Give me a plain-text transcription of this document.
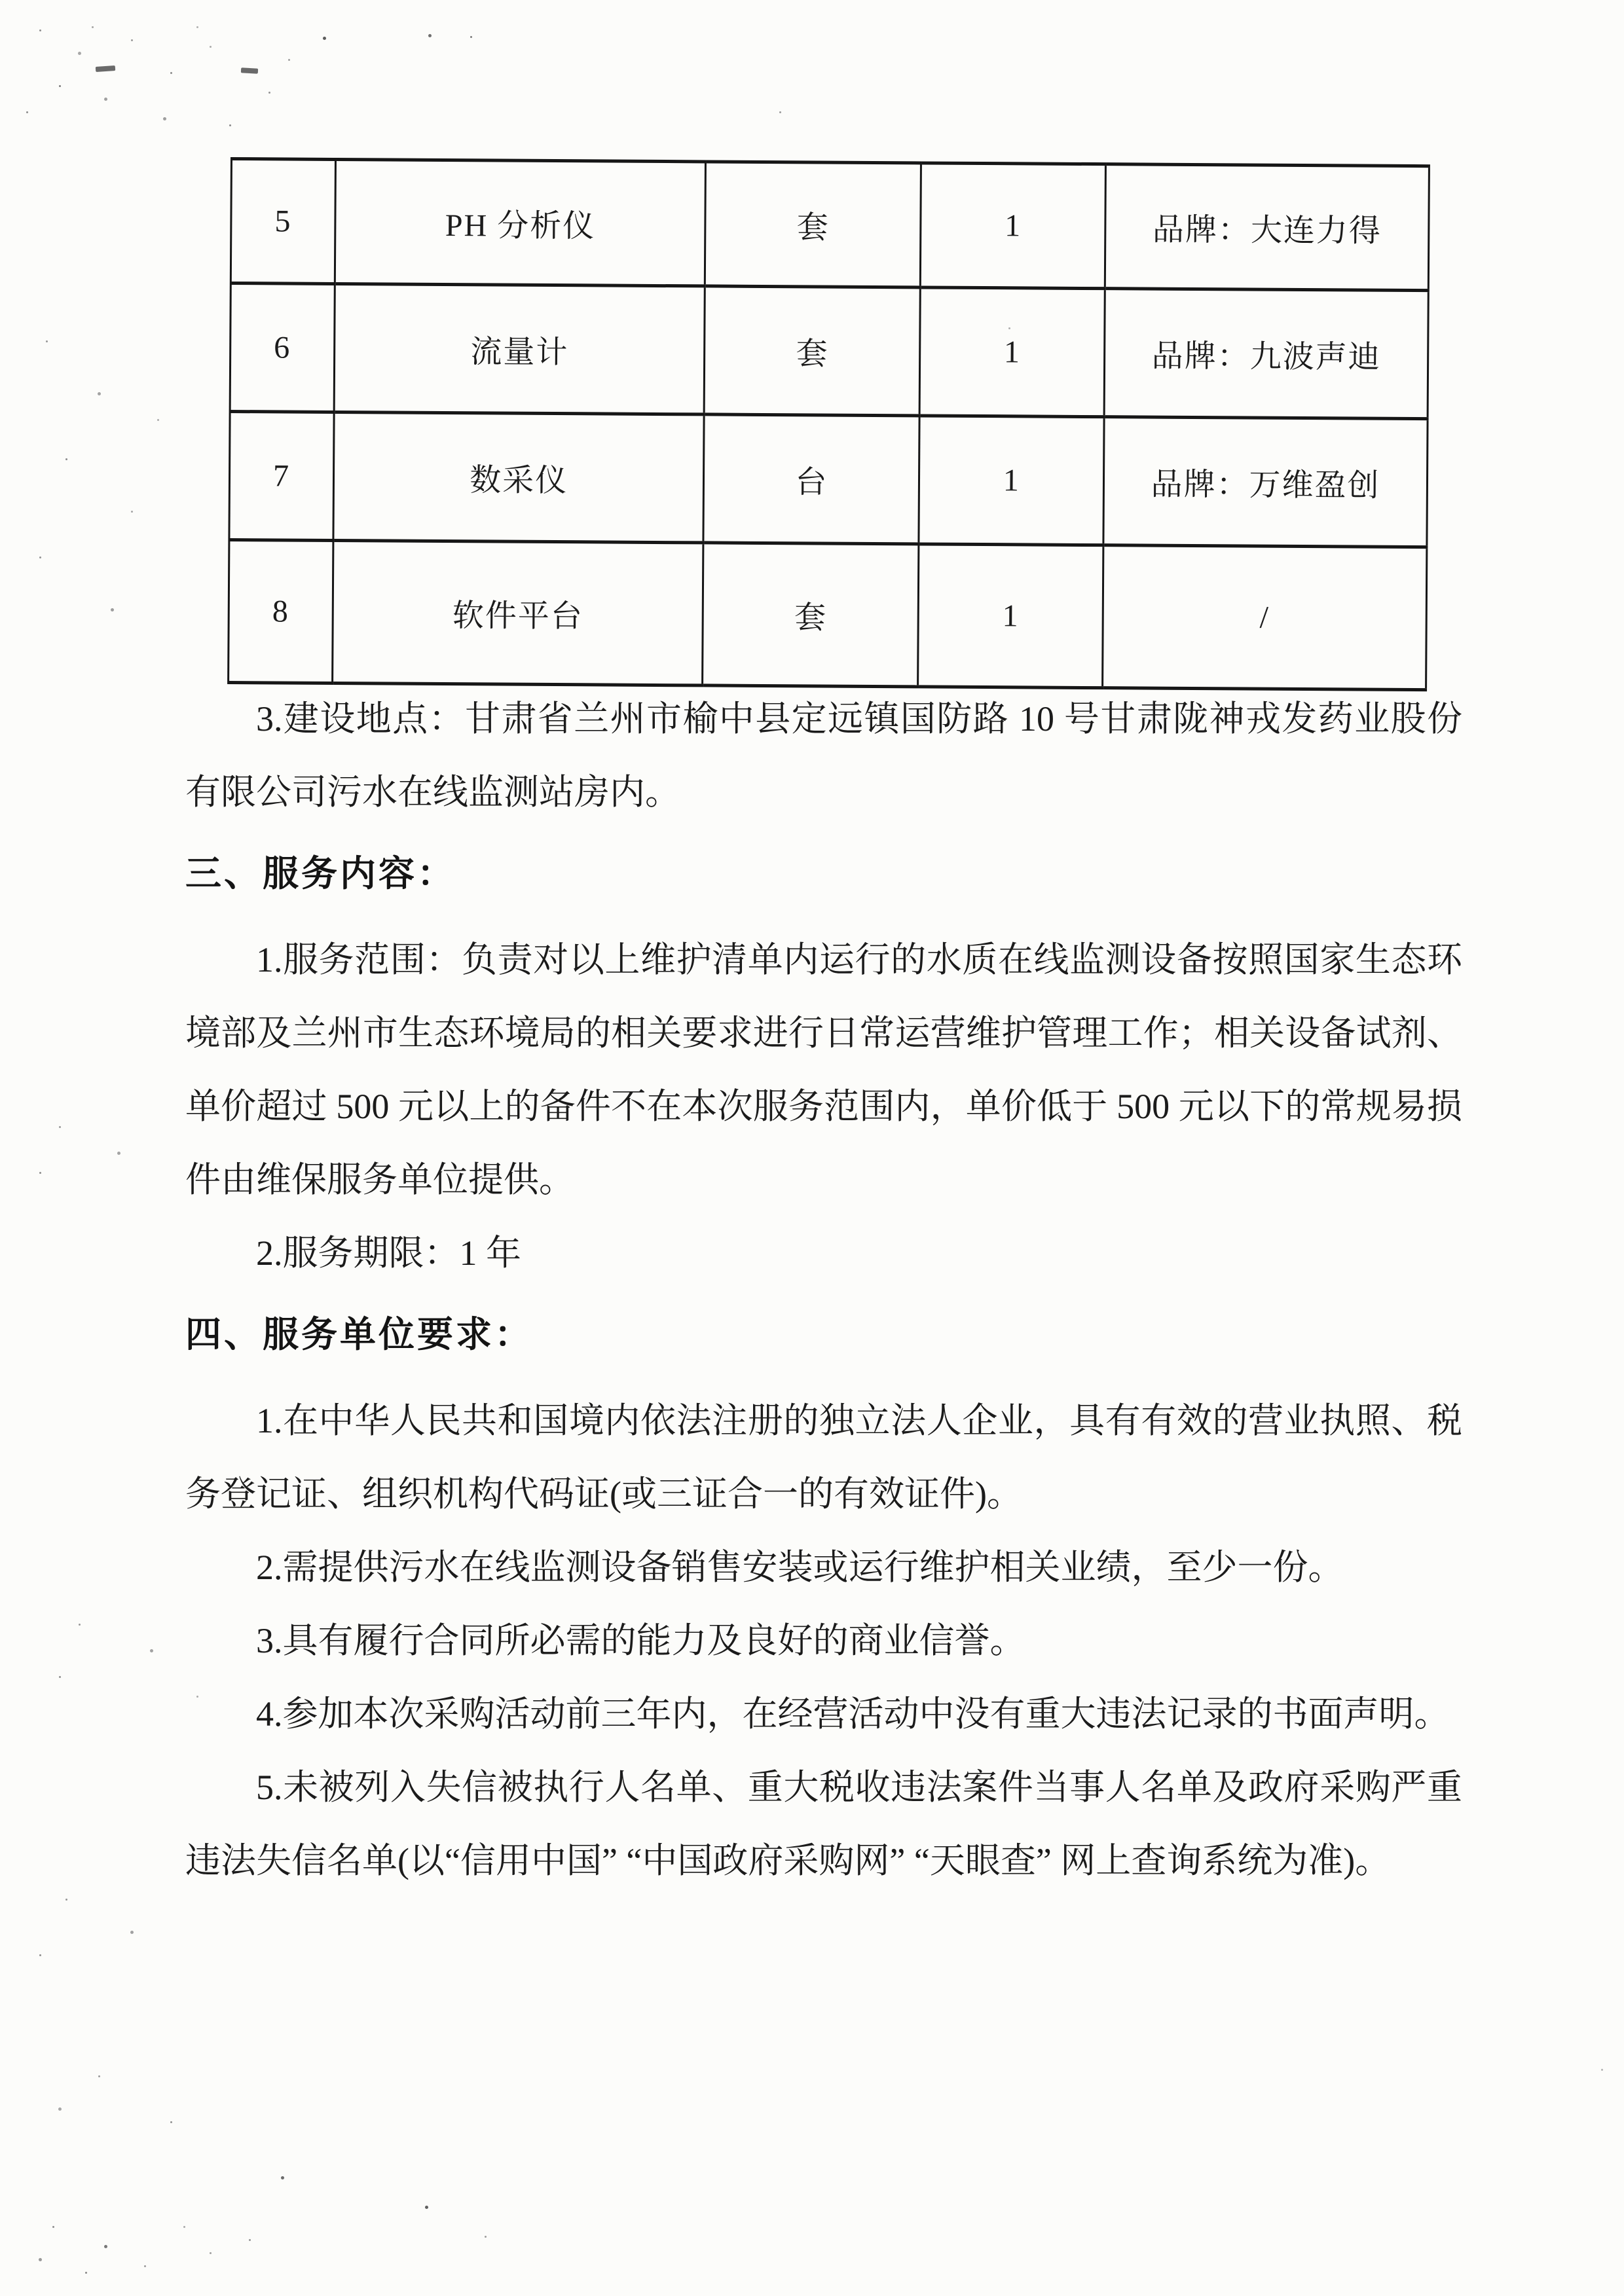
5	PH 分析仪	套	1	品牌：大连力得
6	流量计	套	1	品牌：九波声迪
7	数采仪	台	1	品牌：万维盈创
8	软件平台	套	1	/

3.建设地点：甘肃省兰州市榆中县定远镇国防路 10 号甘肃陇神戎发药业股份有限公司污水在线监测站房内。

三、服务内容：

1.服务范围：负责对以上维护清单内运行的水质在线监测设备按照国家生态环境部及兰州市生态环境局的相关要求进行日常运营维护管理工作；相关设备试剂、单价超过 500 元以上的备件不在本次服务范围内，单价低于 500 元以下的常规易损件由维保服务单位提供。

2.服务期限：1 年

四、服务单位要求：

1.在中华人民共和国境内依法注册的独立法人企业，具有有效的营业执照、税务登记证、组织机构代码证(或三证合一的有效证件)。

2.需提供污水在线监测设备销售安装或运行维护相关业绩，至少一份。

3.具有履行合同所必需的能力及良好的商业信誉。

4.参加本次采购活动前三年内，在经营活动中没有重大违法记录的书面声明。

5.未被列入失信被执行人名单、重大税收违法案件当事人名单及政府采购严重违法失信名单(以“信用中国” “中国政府采购网” “天眼查” 网上查询系统为准)。
